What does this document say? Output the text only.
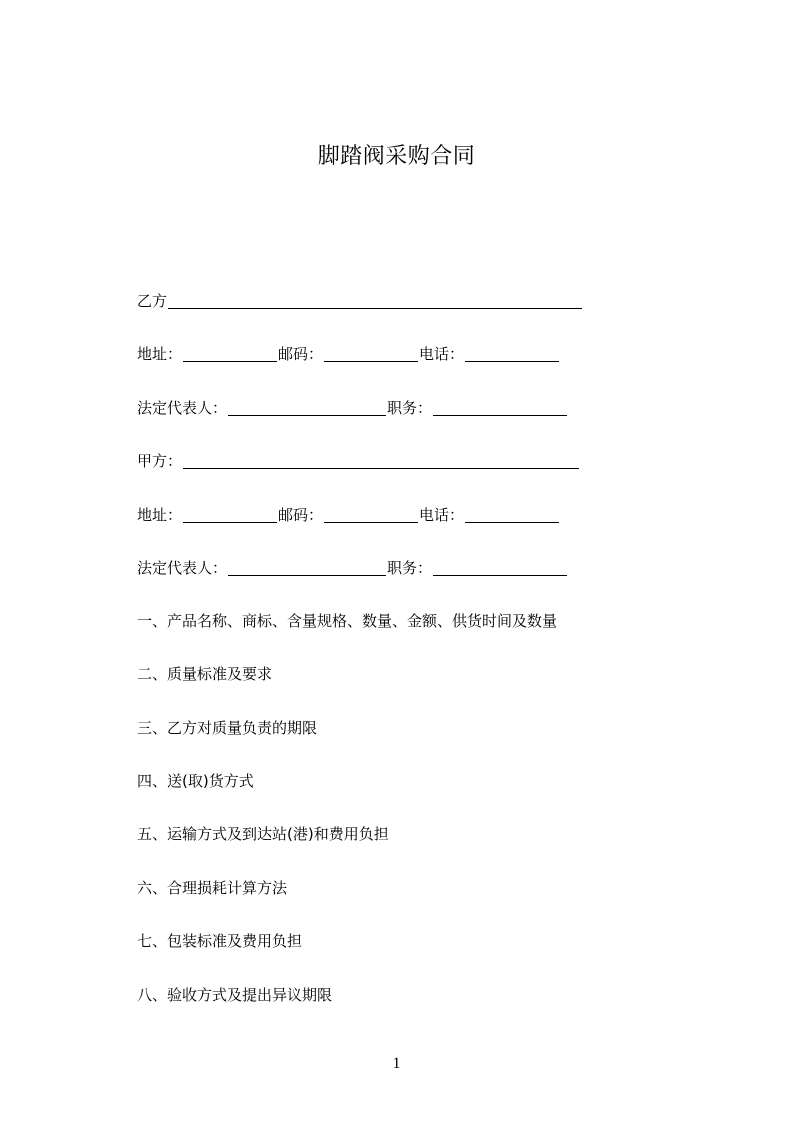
脚踏阀采购合同
乙方
地址：	邮码：	电话：
法定代表人：	职务：
甲方：
地址：	邮码：	电话：
法定代表人：	职务：
一、产品名称、商标、含量规格、数量、金额、供货时间及数量
二、质量标准及要求
三、乙方对质量负责的期限
四、送(取)货方式
五、运输方式及到达站(港)和费用负担
六、合理损耗计算方法
七、包装标准及费用负担
八、验收方式及提出异议期限
1
